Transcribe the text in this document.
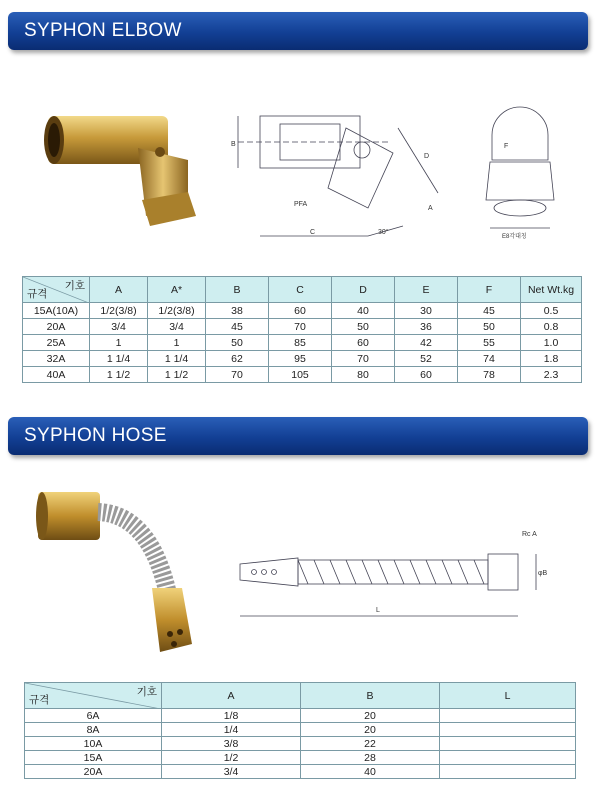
SYPHON ELBOW
B
PFA
C	30°
D
A
F
E8각대칭
기호
규격	A	A*	B	C	D	E	F	Net Wt.kg
15A(10A)	1/2(3/8)	1/2(3/8)	38	60	40	30	45	0.5
20A	3/4	3/4	45	70	50	36	50	0.8
25A	1	1	50	85	60	42	55	1.0
32A	1 1/4	1 1/4	62	95	70	52	74	1.8
40A	1 1/2	1 1/2	70	105	80	60	78	2.3
SYPHON HOSE
Rc A
φB
L
기호
규격	A	B	L
6A	1/8	20	
8A	1/4	20	
10A	3/8	22	
15A	1/2	28	
20A	3/4	40	
